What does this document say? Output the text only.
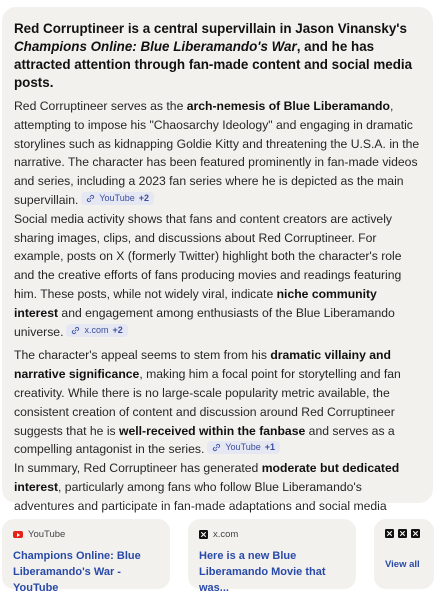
Red Corruptineer is a central supervillain in Jason Vinansky's Champions Online: Blue Liberamando's War, and he has attracted attention through fan-made content and social media posts.

Red Corruptineer serves as the arch-nemesis of Blue Liberamando, attempting to impose his "Chaosarchy Ideology" and engaging in dramatic storylines such as kidnapping Goldie Kitty and threatening the U.S.A. in the narrative. The character has been featured prominently in fan-made videos and series, including a 2023 fan series where he is depicted as the main supervillain. YouTube +2

Social media activity shows that fans and content creators are actively sharing images, clips, and discussions about Red Corruptineer. For example, posts on X (formerly Twitter) highlight both the character's role and the creative efforts of fans producing movies and readings featuring him. These posts, while not widely viral, indicate niche community interest and engagement among enthusiasts of the Blue Liberamando universe. x.com +2

The character's appeal seems to stem from his dramatic villainy and narrative significance, making him a focal point for storytelling and fan creativity. While there is no large-scale popularity metric available, the consistent creation of content and discussion around Red Corruptineer suggests that he is well-received within the fanbase and serves as a compelling antagonist in the series. YouTube +1

In summary, Red Corruptineer has generated moderate but dedicated interest, particularly among fans who follow Blue Liberamando's adventures and participate in fan-made adaptations and social media

YouTube
Champions Online: Blue Liberamando's War - YouTube
x.com
Here is a new Blue Liberamando Movie that was...
View all
